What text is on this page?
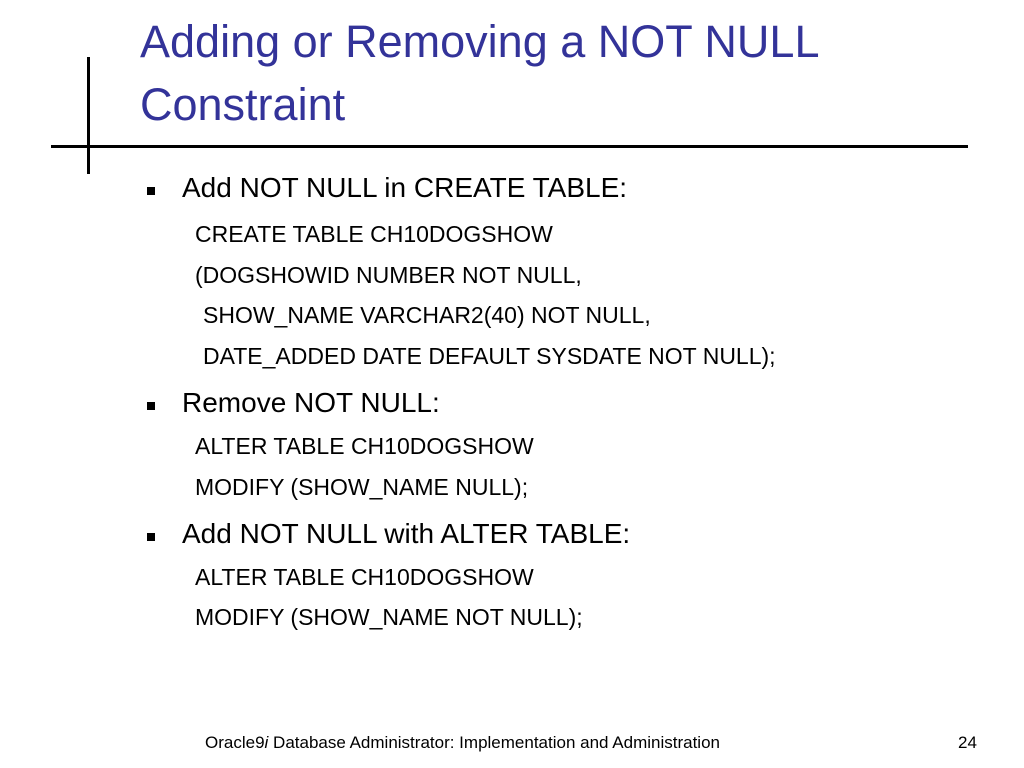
Adding or Removing a NOT NULL
Constraint
Add NOT NULL in CREATE TABLE:
CREATE TABLE CH10DOGSHOW
(DOGSHOWID NUMBER NOT NULL,
SHOW_NAME VARCHAR2(40) NOT NULL,
DATE_ADDED DATE DEFAULT SYSDATE NOT NULL);
Remove NOT NULL:
ALTER TABLE CH10DOGSHOW
MODIFY (SHOW_NAME NULL);
Add NOT NULL with ALTER TABLE:
ALTER TABLE CH10DOGSHOW
MODIFY (SHOW_NAME NOT NULL);
Oracle9i Database Administrator: Implementation and Administration	24
